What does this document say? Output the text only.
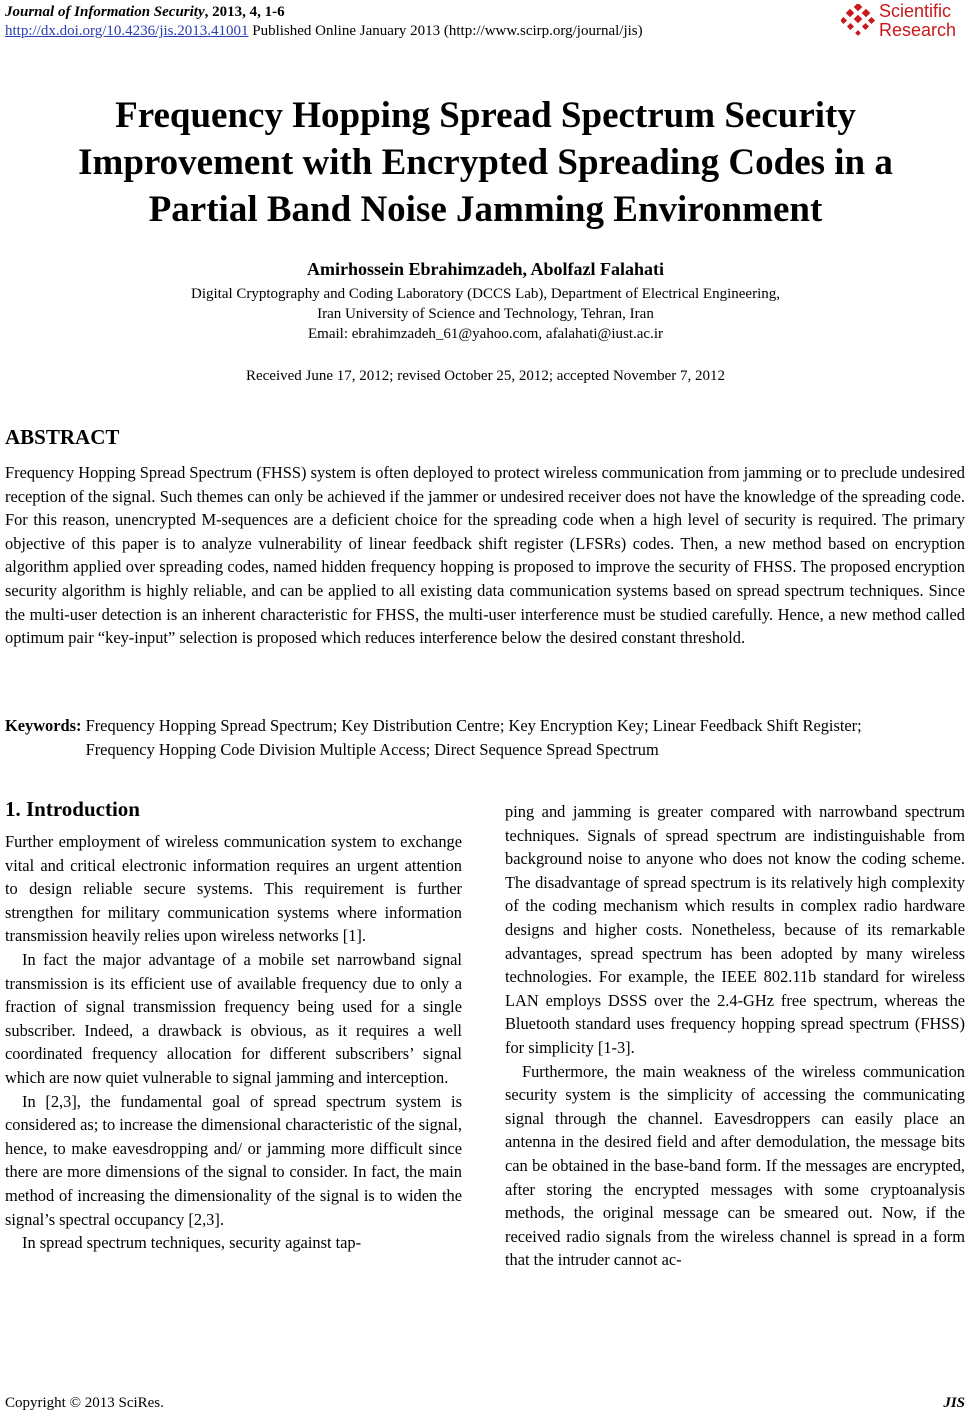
Journal of Information Security, 2013, 4, 1-6
http://dx.doi.org/10.4236/jis.2013.41001 Published Online January 2013 (http://www.scirp.org/journal/jis)
Scientific
Research
Frequency Hopping Spread Spectrum Security
Improvement with Encrypted Spreading Codes in a
Partial Band Noise Jamming Environment
Amirhossein Ebrahimzadeh, Abolfazl Falahati
Digital Cryptography and Coding Laboratory (DCCS Lab), Department of Electrical Engineering,
Iran University of Science and Technology, Tehran, Iran
Email: ebrahimzadeh_61@yahoo.com, afalahati@iust.ac.ir
Received June 17, 2012; revised October 25, 2012; accepted November 7, 2012
ABSTRACT
Frequency Hopping Spread Spectrum (FHSS) system is often deployed to protect wireless communication from jamming or to preclude undesired reception of the signal. Such themes can only be achieved if the jammer or undesired receiver does not have the knowledge of the spreading code. For this reason, unencrypted M-sequences are a deficient choice for the spreading code when a high level of security is required. The primary objective of this paper is to analyze vulnerability of linear feedback shift register (LFSRs) codes. Then, a new method based on encryption algorithm applied over spreading codes, named hidden frequency hopping is proposed to improve the security of FHSS. The proposed encryption security algorithm is highly reliable, and can be applied to all existing data communication systems based on spread spectrum techniques. Since the multi-user detection is an inherent characteristic for FHSS, the multi-user interference must be studied carefully. Hence, a new method called optimum pair “key-input” selection is proposed which reduces interference below the desired constant threshold.
Keywords: Frequency Hopping Spread Spectrum; Key Distribution Centre; Key Encryption Key; Linear Feedback Shift Register; Frequency Hopping Code Division Multiple Access; Direct Sequence Spread Spectrum
1. Introduction

Further employment of wireless communication system to exchange vital and critical electronic information requires an urgent attention to design reliable secure systems. This requirement is further strengthen for military communication systems where information transmission heavily relies upon wireless networks [1].

In fact the major advantage of a mobile set narrowband signal transmission is its efficient use of available frequency due to only a fraction of signal transmission frequency being used for a single subscriber. Indeed, a drawback is obvious, as it requires a well coordinated frequency allocation for different subscribers’ signal which are now quiet vulnerable to signal jamming and interception.

In [2,3], the fundamental goal of spread spectrum system is considered as; to increase the dimensional characteristic of the signal, hence, to make eavesdropping and/ or jamming more difficult since there are more dimensions of the signal to consider. In fact, the main method of increasing the dimensionality of the signal is to widen the signal’s spectral occupancy [2,3].

In spread spectrum techniques, security against tap-

ping and jamming is greater compared with narrowband spectrum techniques. Signals of spread spectrum are indistinguishable from background noise to anyone who does not know the coding scheme. The disadvantage of spread spectrum is its relatively high complexity of the coding mechanism which results in complex radio hardware designs and higher costs. Nonetheless, because of its remarkable advantages, spread spectrum has been adopted by many wireless technologies. For example, the IEEE 802.11b standard for wireless LAN employs DSSS over the 2.4-GHz free spectrum, whereas the Bluetooth standard uses frequency hopping spread spectrum (FHSS) for simplicity [1-3].

Furthermore, the main weakness of the wireless communication security system is the simplicity of accessing the communicating signal through the channel. Eavesdroppers can easily place an antenna in the desired field and after demodulation, the message bits can be obtained in the base-band form. If the messages are encrypted, after storing the encrypted messages with some cryptoanalysis methods, the original message can be smeared out. Now, if the received radio signals from the wireless channel is spread in a form that the intruder cannot ac-

Copyright © 2013 SciRes.	JIS
